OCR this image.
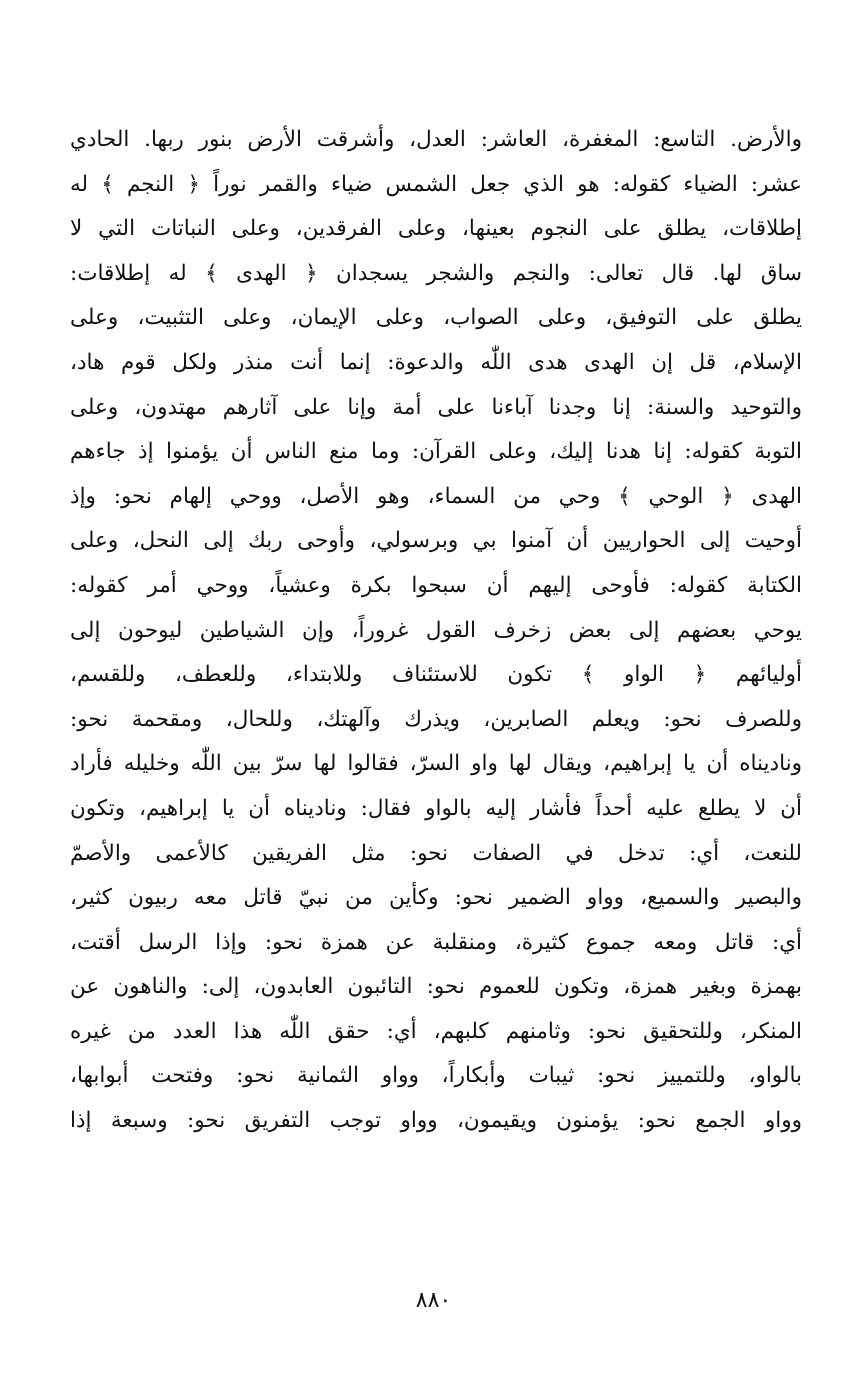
والأرض. التاسع: المغفرة، العاشر: العدل، وأشرقت الأرض بنور ربها. الحادي
عشر: الضياء كقوله: هو الذي جعل الشمس ضياء والقمر نوراً ﴿ النجم ﴾ له
إطلاقات، يطلق على النجوم بعينها، وعلى الفرقدين، وعلى النباتات التي لا
ساق لها. قال تعالى: والنجم والشجر يسجدان ﴿ الهدى ﴾ له إطلاقات:
يطلق على التوفيق، وعلى الصواب، وعلى الإيمان، وعلى التثبيت، وعلى
الإسلام، قل إن الهدى هدى اللّٰه والدعوة: إنما أنت منذر ولكل قوم هاد،
والتوحيد والسنة: إنا وجدنا آباءنا على أمة وإنا على آثارهم مهتدون، وعلى
التوبة كقوله: إنا هدنا إليك، وعلى القرآن: وما منع الناس أن يؤمنوا إذ جاءهم
الهدى ﴿ الوحي ﴾ وحي من السماء، وهو الأصل، ووحي إلهام نحو: وإذ
أوحيت إلى الحواريين أن آمنوا بي وبرسولي، وأوحى ربك إلى النحل، وعلى
الكتابة كقوله: فأوحى إليهم أن سبحوا بكرة وعشياً، ووحي أمر كقوله:
يوحي بعضهم إلى بعض زخرف القول غروراً، وإن الشياطين ليوحون إلى
أوليائهم ﴿ الواو ﴾ تكون للاستئناف وللابتداء، وللعطف، وللقسم،
وللصرف نحو: ويعلم الصابرين، ويذرك وآلهتك، وللحال، ومقحمة نحو:
وناديناه أن يا إبراهيم، ويقال لها واو السرّ، فقالوا لها سرّ بين اللّٰه وخليله فأراد
أن لا يطلع عليه أحداً فأشار إليه بالواو فقال: وناديناه أن يا إبراهيم، وتكون
للنعت، أي: تدخل في الصفات نحو: مثل الفريقين كالأعمى والأصمّ
والبصير والسميع، وواو الضمير نحو: وكأين من نبيّ قاتل معه ربيون كثير،
أي: قاتل ومعه جموع كثيرة، ومنقلبة عن همزة نحو: وإذا الرسل أقتت،
بهمزة وبغير همزة، وتكون للعموم نحو: التائبون العابدون، إلى: والناهون عن
المنكر، وللتحقيق نحو: وثامنهم كلبهم، أي: حقق اللّٰه هذا العدد من غيره
بالواو، وللتمييز نحو: ثيبات وأبكاراً، وواو الثمانية نحو: وفتحت أبوابها،
وواو الجمع نحو: يؤمنون ويقيمون، وواو توجب التفريق نحو: وسبعة إذا
٨٨٠
